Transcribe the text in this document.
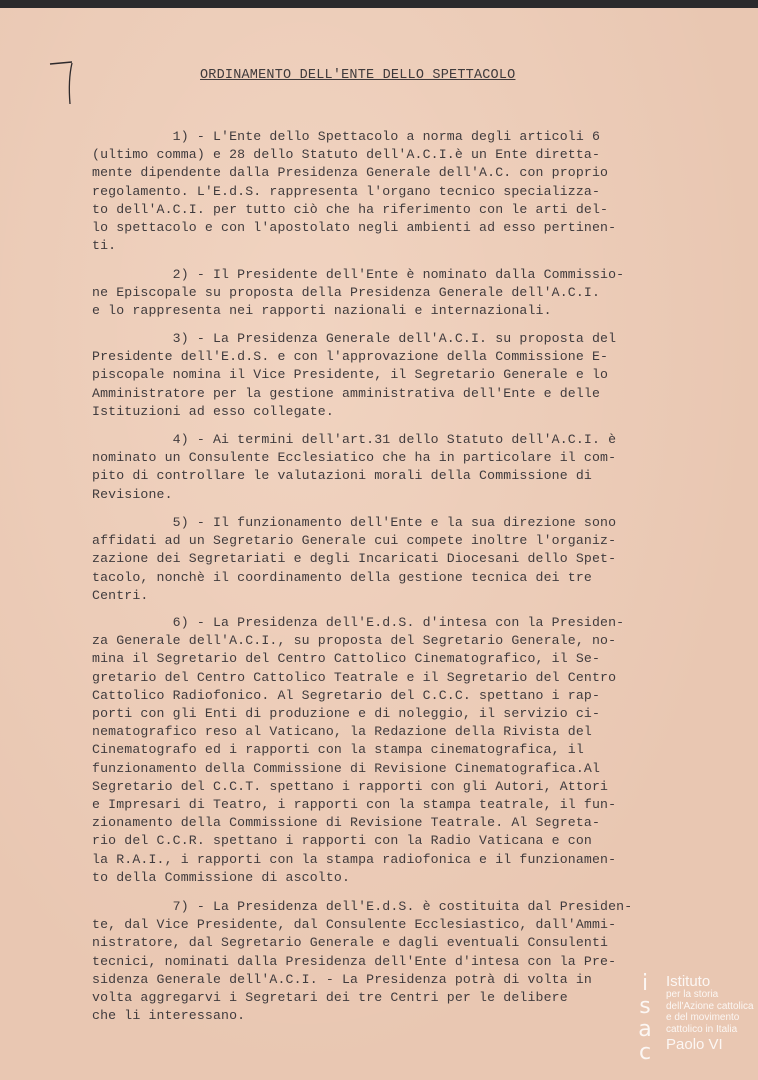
ORDINAMENTO DELL'ENTE DELLO SPETTACOLO
1) - L'Ente dello Spettacolo a norma degli articoli 6
(ultimo comma) e 28 dello Statuto dell'A.C.I.è un Ente diretta-
mente dipendente dalla Presidenza Generale dell'A.C. con proprio
regolamento. L'E.d.S. rappresenta l'organo tecnico specializza-
to dell'A.C.I. per tutto ciò che ha riferimento con le arti del-
lo spettacolo e con l'apostolato negli ambienti ad esso pertinen-
ti.
2) - Il Presidente dell'Ente è nominato dalla Commissio-
ne Episcopale su proposta della Presidenza Generale dell'A.C.I.
e lo rappresenta nei rapporti nazionali e internazionali.
3) - La Presidenza Generale dell'A.C.I. su proposta del
Presidente dell'E.d.S. e con l'approvazione della Commissione E-
piscopale nomina il Vice Presidente, il Segretario Generale e lo
Amministratore per la gestione amministrativa dell'Ente e delle
Istituzioni ad esso collegate.
4) - Ai termini dell'art.31 dello Statuto dell'A.C.I. è
nominato un Consulente Ecclesiatico che ha in particolare il com-
pito di controllare le valutazioni morali della Commissione di
Revisione.
5) - Il funzionamento dell'Ente e la sua direzione sono
affidati ad un Segretario Generale cui compete inoltre l'organiz-
zazione dei Segretariati e degli Incaricati Diocesani dello Spet-
tacolo, nonchè il coordinamento della gestione tecnica dei tre
Centri.
6) - La Presidenza dell'E.d.S. d'intesa con la Presiden-
za Generale dell'A.C.I., su proposta del Segretario Generale, no-
mina il Segretario del Centro Cattolico Cinematografico, il Se-
gretario del Centro Cattolico Teatrale e il Segretario del Centro
Cattolico Radiofonico. Al Segretario del C.C.C. spettano i rap-
porti con gli Enti di produzione e di noleggio, il servizio ci-
nematografico reso al Vaticano, la Redazione della Rivista del
Cinematografo ed i rapporti con la stampa cinematografica, il
funzionamento della Commissione di Revisione Cinematografica.Al
Segretario del C.C.T. spettano i rapporti con gli Autori, Attori
e Impresari di Teatro, i rapporti con la stampa teatrale, il fun-
zionamento della Commissione di Revisione Teatrale. Al Segreta-
rio del C.C.R. spettano i rapporti con la Radio Vaticana e con
la R.A.I., i rapporti con la stampa radiofonica e il funzionamen-
to della Commissione di ascolto.
7) - La Presidenza dell'E.d.S. è costituita dal Presiden-
te, dal Vice Presidente, dal Consulente Ecclesiastico, dall'Ammi-
nistratore, dal Segretario Generale e dagli eventuali Consulenti
tecnici, nominati dalla Presidenza dell'Ente d'intesa con la Pre-
sidenza Generale dell'A.C.I. - La Presidenza potrà di volta in
volta aggregarvi i Segretari dei tre Centri per le delibere
che li interessano.
i
s
a
c
Istituto
per la storia
dell'Azione cattolica
e del movimento
cattolico in Italia
Paolo VI
